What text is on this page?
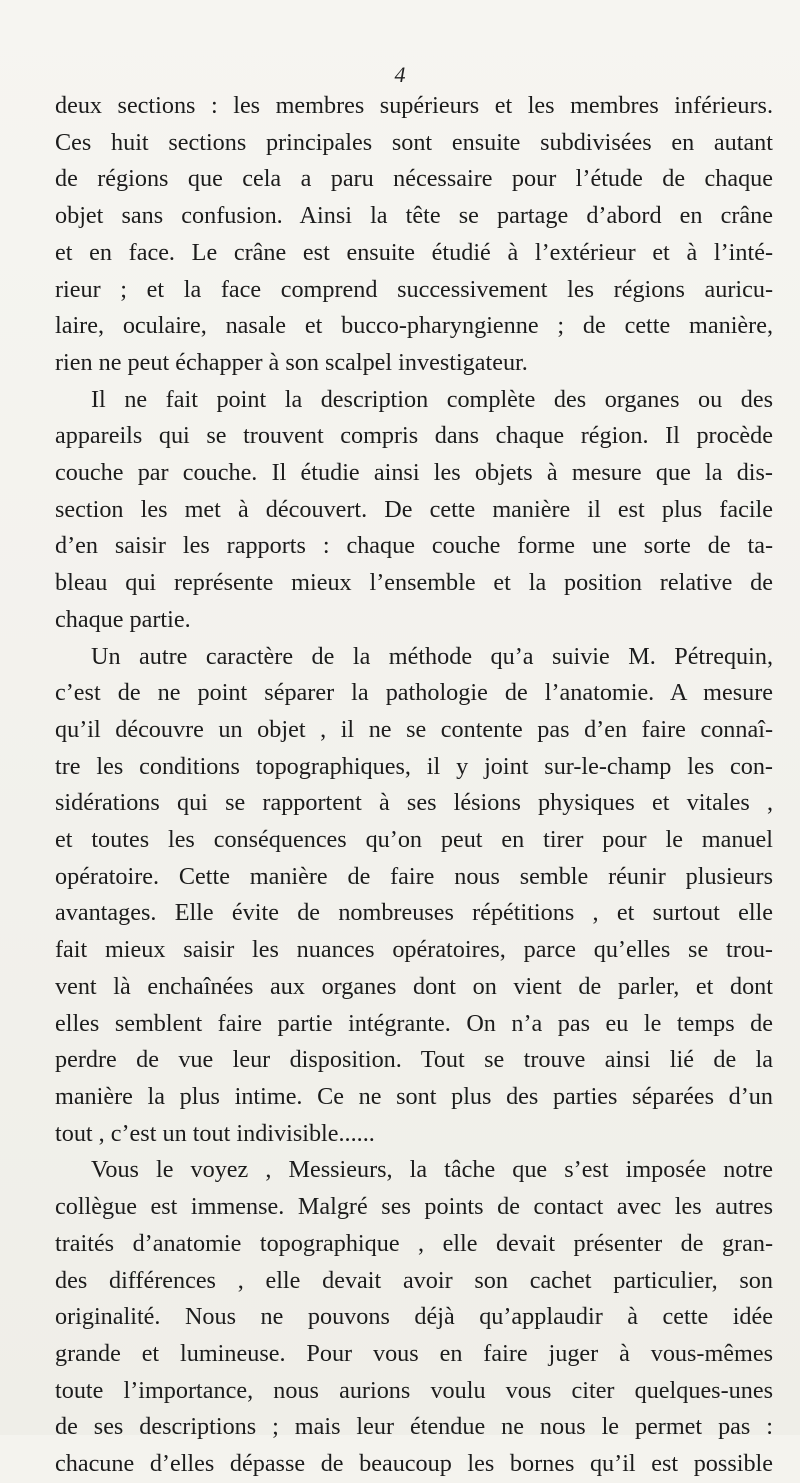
4
deux sections : les membres supérieurs et les membres inférieurs.
Ces huit sections principales sont ensuite subdivisées en autant
de régions que cela a paru nécessaire pour l’étude de chaque
objet sans confusion. Ainsi la tête se partage d’abord en crâne
et en face. Le crâne est ensuite étudié à l’extérieur et à l’inté-
rieur ; et la face comprend successivement les régions auricu-
laire, oculaire, nasale et bucco-pharyngienne ; de cette manière,
rien ne peut échapper à son scalpel investigateur.
Il ne fait point la description complète des organes ou des
appareils qui se trouvent compris dans chaque région. Il procède
couche par couche. Il étudie ainsi les objets à mesure que la dis-
section les met à découvert. De cette manière il est plus facile
d’en saisir les rapports : chaque couche forme une sorte de ta-
bleau qui représente mieux l’ensemble et la position relative de
chaque partie.
Un autre caractère de la méthode qu’a suivie M. Pétrequin,
c’est de ne point séparer la pathologie de l’anatomie. A mesure
qu’il découvre un objet , il ne se contente pas d’en faire connaî-
tre les conditions topographiques, il y joint sur-le-champ les con-
sidérations qui se rapportent à ses lésions physiques et vitales ,
et toutes les conséquences qu’on peut en tirer pour le manuel
opératoire. Cette manière de faire nous semble réunir plusieurs
avantages. Elle évite de nombreuses répétitions , et surtout elle
fait mieux saisir les nuances opératoires, parce qu’elles se trou-
vent là enchaînées aux organes dont on vient de parler, et dont
elles semblent faire partie intégrante. On n’a pas eu le temps de
perdre de vue leur disposition. Tout se trouve ainsi lié de la
manière la plus intime. Ce ne sont plus des parties séparées d’un
tout , c’est un tout indivisible......
Vous le voyez , Messieurs, la tâche que s’est imposée notre
collègue est immense. Malgré ses points de contact avec les autres
traités d’anatomie topographique , elle devait présenter de gran-
des différences , elle devait avoir son cachet particulier, son
originalité. Nous ne pouvons déjà qu’applaudir à cette idée
grande et lumineuse. Pour vous en faire juger à vous-mêmes
toute l’importance, nous aurions voulu vous citer quelques-unes
de ses descriptions ; mais leur étendue ne nous le permet pas :
chacune d’elles dépasse de beaucoup les bornes qu’il est possible
